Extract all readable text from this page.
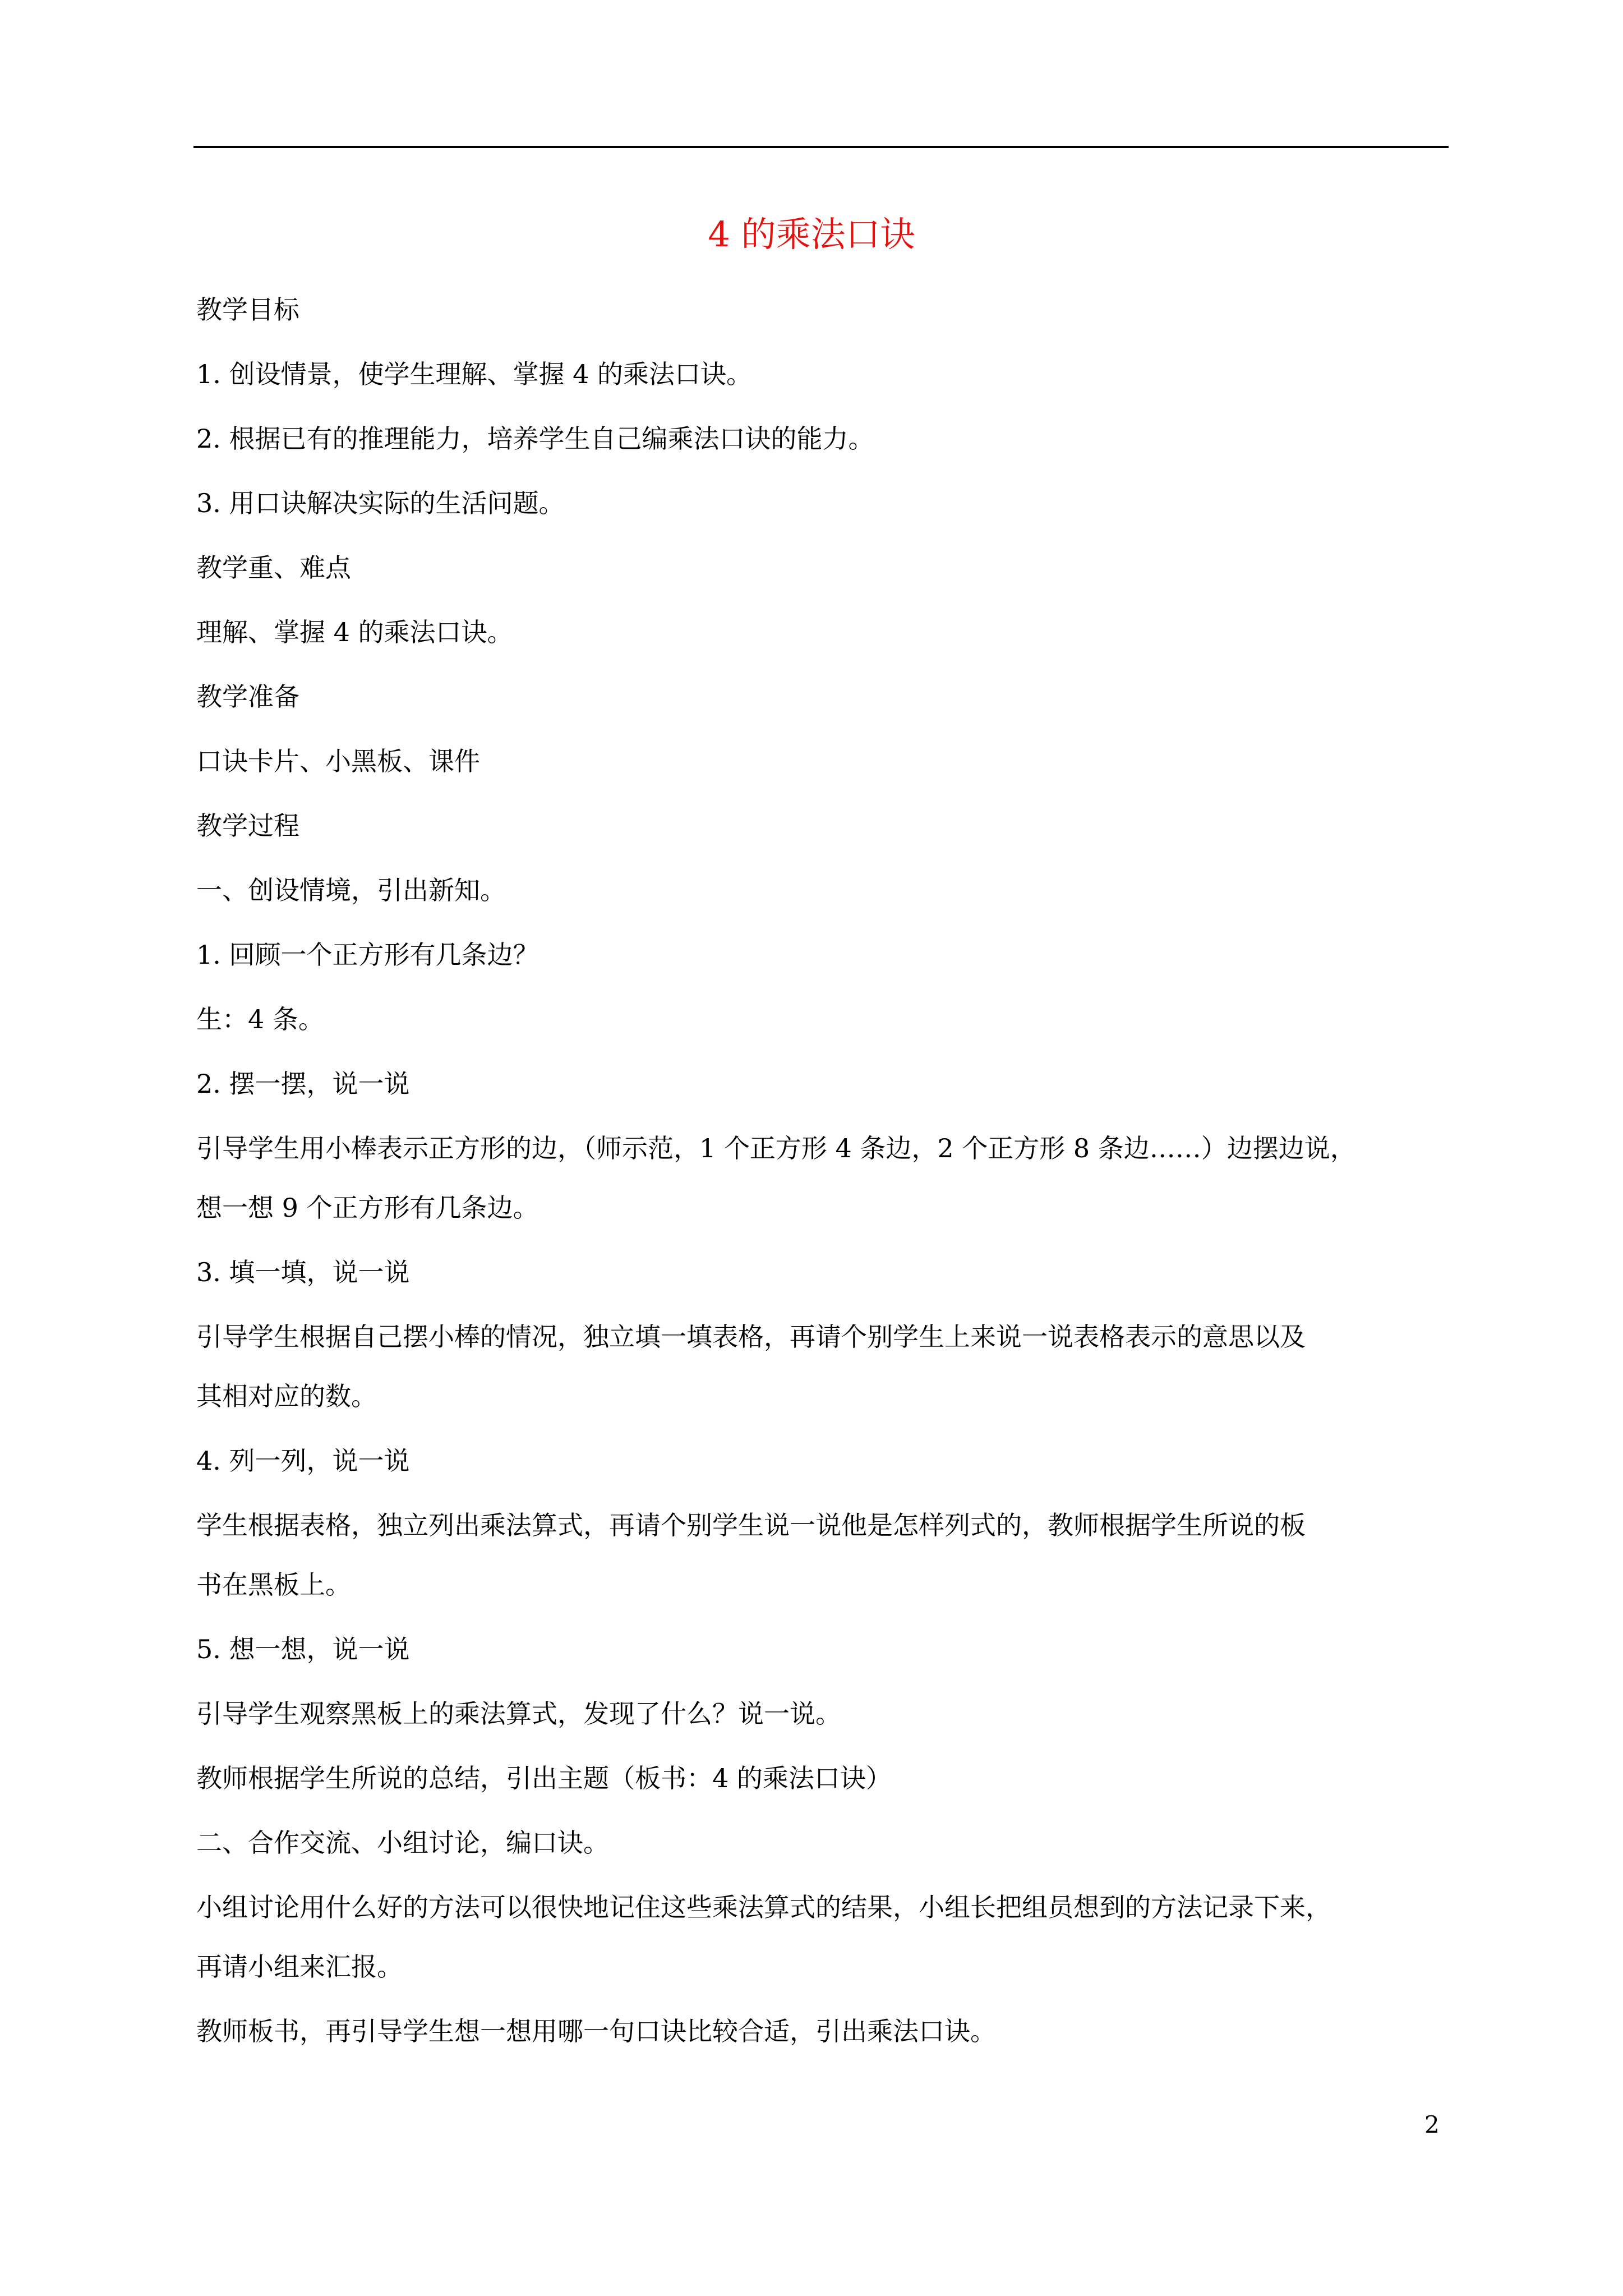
4 的乘法口诀

教学目标

1. 创设情景，使学生理解、掌握 4 的乘法口诀。

2. 根据已有的推理能力，培养学生自己编乘法口诀的能力。

3. 用口诀解决实际的生活问题。

教学重、难点

理解、掌握 4 的乘法口诀。

教学准备

口诀卡片、小黑板、课件

教学过程

一、创设情境，引出新知。

1. 回顾一个正方形有几条边？

生：4 条。

2. 摆一摆，说一说

引导学生用小棒表示正方形的边，（师示范，1 个正方形 4 条边，2 个正方形 8 条边……）边摆边说，

想一想 9 个正方形有几条边。

3. 填一填，说一说

引导学生根据自己摆小棒的情况，独立填一填表格，再请个别学生上来说一说表格表示的意思以及

其相对应的数。

4. 列一列，说一说

学生根据表格，独立列出乘法算式，再请个别学生说一说他是怎样列式的，教师根据学生所说的板

书在黑板上。

5. 想一想，说一说

引导学生观察黑板上的乘法算式，发现了什么？说一说。

教师根据学生所说的总结，引出主题（板书：4 的乘法口诀）

二、合作交流、小组讨论，编口诀。

小组讨论用什么好的方法可以很快地记住这些乘法算式的结果，小组长把组员想到的方法记录下来，

再请小组来汇报。

教师板书，再引导学生想一想用哪一句口诀比较合适，引出乘法口诀。

2
